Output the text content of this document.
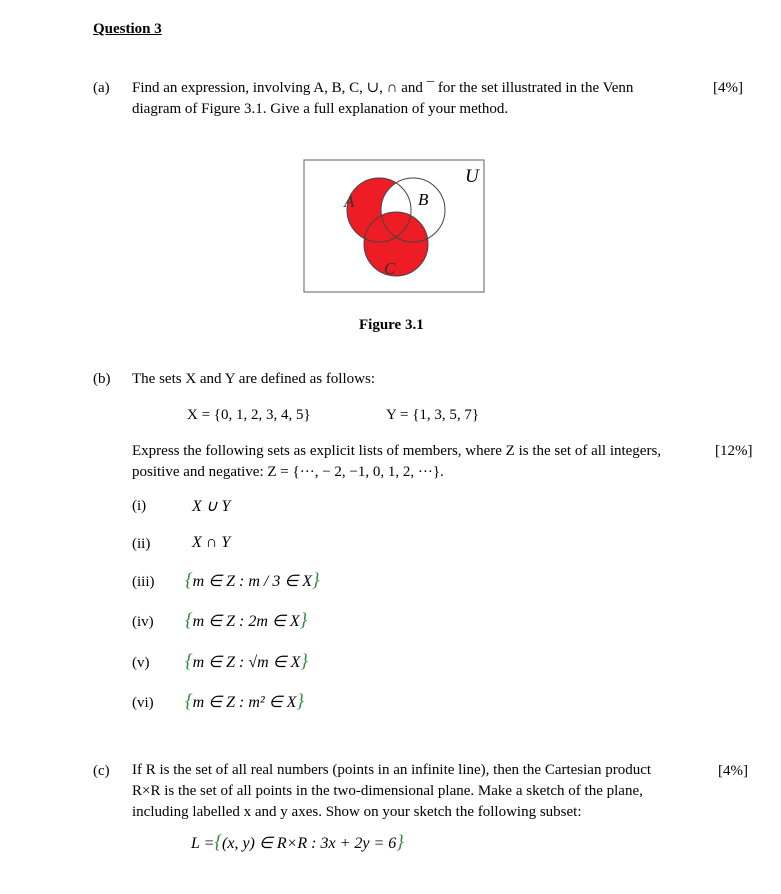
Question 3
(a) Find an expression, involving A, B, C, ∪, ∩ and ¯ for the set illustrated in the Venn
diagram of Figure 3.1. Give a full explanation of your method.
[4%]
U
A	B
C
Figure 3.1
(b) The sets X and Y are defined as follows:
X = {0, 1, 2, 3, 4, 5}	Y = {1, 3, 5, 7}
Express the following sets as explicit lists of members, where Z is the set of all integers,
positive and negative: Z = {···, − 2, −1, 0, 1, 2, ···}.
[12%]
(i)	X ∪ Y
(ii)	X ∩ Y
(iii) {m ∈ Z : m / 3 ∈ X}
(iv) {m ∈ Z : 2m ∈ X}
(v) {m ∈ Z : √m ∈ X}
(vi) {m ∈ Z : m² ∈ X}
(c) If R is the set of all real numbers (points in an infinite line), then the Cartesian product
R×R is the set of all points in the two-dimensional plane. Make a sketch of the plane,
including labelled x and y axes. Show on your sketch the following subset:
[4%]
L ={(x, y) ∈ R×R : 3x + 2y = 6}
